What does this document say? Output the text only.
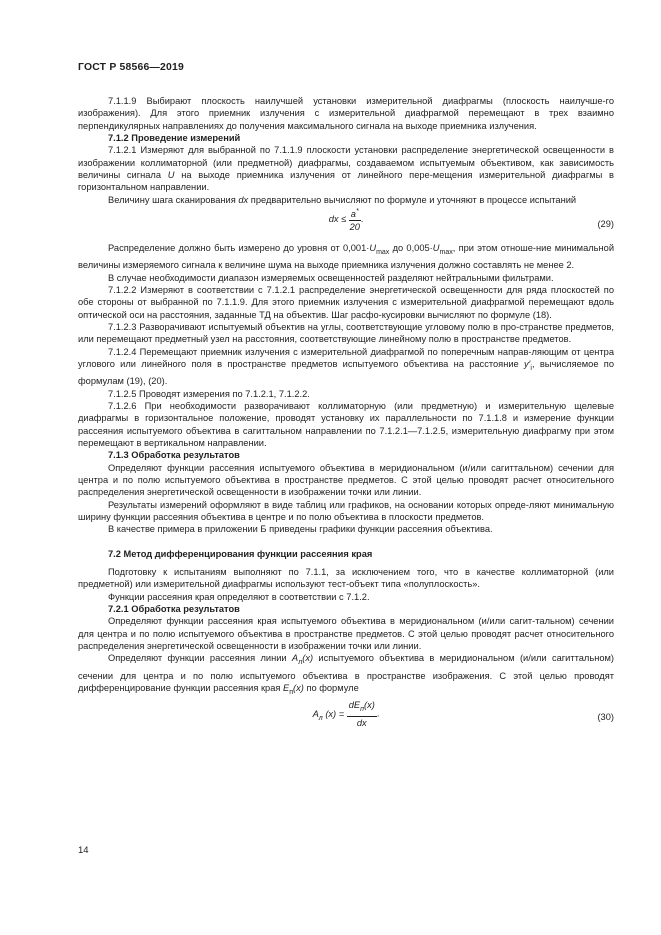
ГОСТ Р 58566—2019

7.1.1.9 Выбирают плоскость наилучшей установки измерительной диафрагмы (плоскость наилучше-го изображения). Для этого приемник излучения с измерительной диафрагмой перемещают в трех взаимно перпендикулярных направлениях до получения максимального сигнала на выходе приемника излучения.

7.1.2 Проведение измерений

7.1.2.1 Измеряют для выбранной по 7.1.1.9 плоскости установки распределение энергетической освещенности в изображении коллиматорной (или предметной) диафрагмы, создаваемом испытуемым объективом, как зависимость величины сигнала U на выходе приемника излучения от линейного пере-мещения измерительной диафрагмы в горизонтальном направлении.

Величину шага сканирования dx предварительно вычисляют по формуле и уточняют в процессе испытаний

dx ≤ $\frac{a^*}{20}$ .	(29)

Распределение должно быть измерено до уровня от $0,001\cdot U_{max}$ до $0,005\cdot U_{max}$, при этом отноше-ние минимальной величины измеряемого сигнала к величине шума на выходе приемника излучения должно составлять не менее 2.

В случае необходимости диапазон измеряемых освещенностей разделяют нейтральными фильтрами.

7.1.2.2 Измеряют в соответствии с 7.1.2.1 распределение энергетической освещенности для ряда плоскостей по обе стороны от выбранной по 7.1.1.9. Для этого приемник излучения с измерительной диафрагмой перемещают вдоль оптической оси на расстояния, заданные ТД на объектив. Шаг расфо-кусировки вычисляют по формуле (18).

7.1.2.3 Разворачивают испытуемый объектив на углы, соответствующие угловому полю в про-странстве предметов, или перемещают предметный узел на расстояния, соответствующие линейному полю в пространстве предметов.

7.1.2.4 Перемещают приемник излучения с измерительной диафрагмой по поперечным направ-ляющим от центра углового или линейного поля в пространстве предметов испытуемого объектива на расстояние $y'_i$, вычисляемое по формулам (19), (20).

7.1.2.5 Проводят измерения по 7.1.2.1, 7.1.2.2.

7.1.2.6 При необходимости разворачивают коллиматорную (или предметную) и измерительную щелевые диафрагмы в горизонтальное положение, проводят установку их параллельности по 7.1.1.8 и измерение функции рассеяния испытуемого объектива в сагиттальном направлении по 7.1.2.1—7.1.2.5, измерительную диафрагму при этом перемещают в вертикальном направлении.

7.1.3 Обработка результатов

Определяют функции рассеяния испытуемого объектива в меридиональном (и/или сагиттальном) сечении для центра и по полю испытуемого объектива в пространстве предметов. С этой целью проводят расчет относительного распределения энергетической освещенности в изображении точки или линии.

Результаты измерений оформляют в виде таблиц или графиков, на основании которых опреде-ляют минимальную ширину функции рассеяния объектива в центре и по полю объектива в плоскости предметов.

В качестве примера в приложении Б приведены графики функции рассеяния объектива.

7.2 Метод дифференцирования функции рассеяния края

Подготовку к испытаниям выполняют по 7.1.1, за исключением того, что в качестве коллиматорной (или предметной) или измерительной диафрагмы используют тест-объект типа «полуплоскость».

Функции рассеяния края определяют в соответствии с 7.1.2.

7.2.1 Обработка результатов

Определяют функции рассеяния края испытуемого объектива в меридиональном (и/или сагит-тальном) сечении для центра и по полю испытуемого объектива в пространстве предметов. С этой целью проводят расчет относительного распределения энергетической освещенности в изображении точки или линии.

Определяют функции рассеяния линии $A_л(x)$ испытуемого объектива в меридиональном (и/или сагиттальном) сечении для центра и по полю испытуемого объектива в пространстве изображения. С этой целью проводят дифференцирование функции рассеяния края $E_п(x)$ по формуле

$A_л$ $(x) = \frac{dE_п(x)}{dx}$ .	(30)
14
